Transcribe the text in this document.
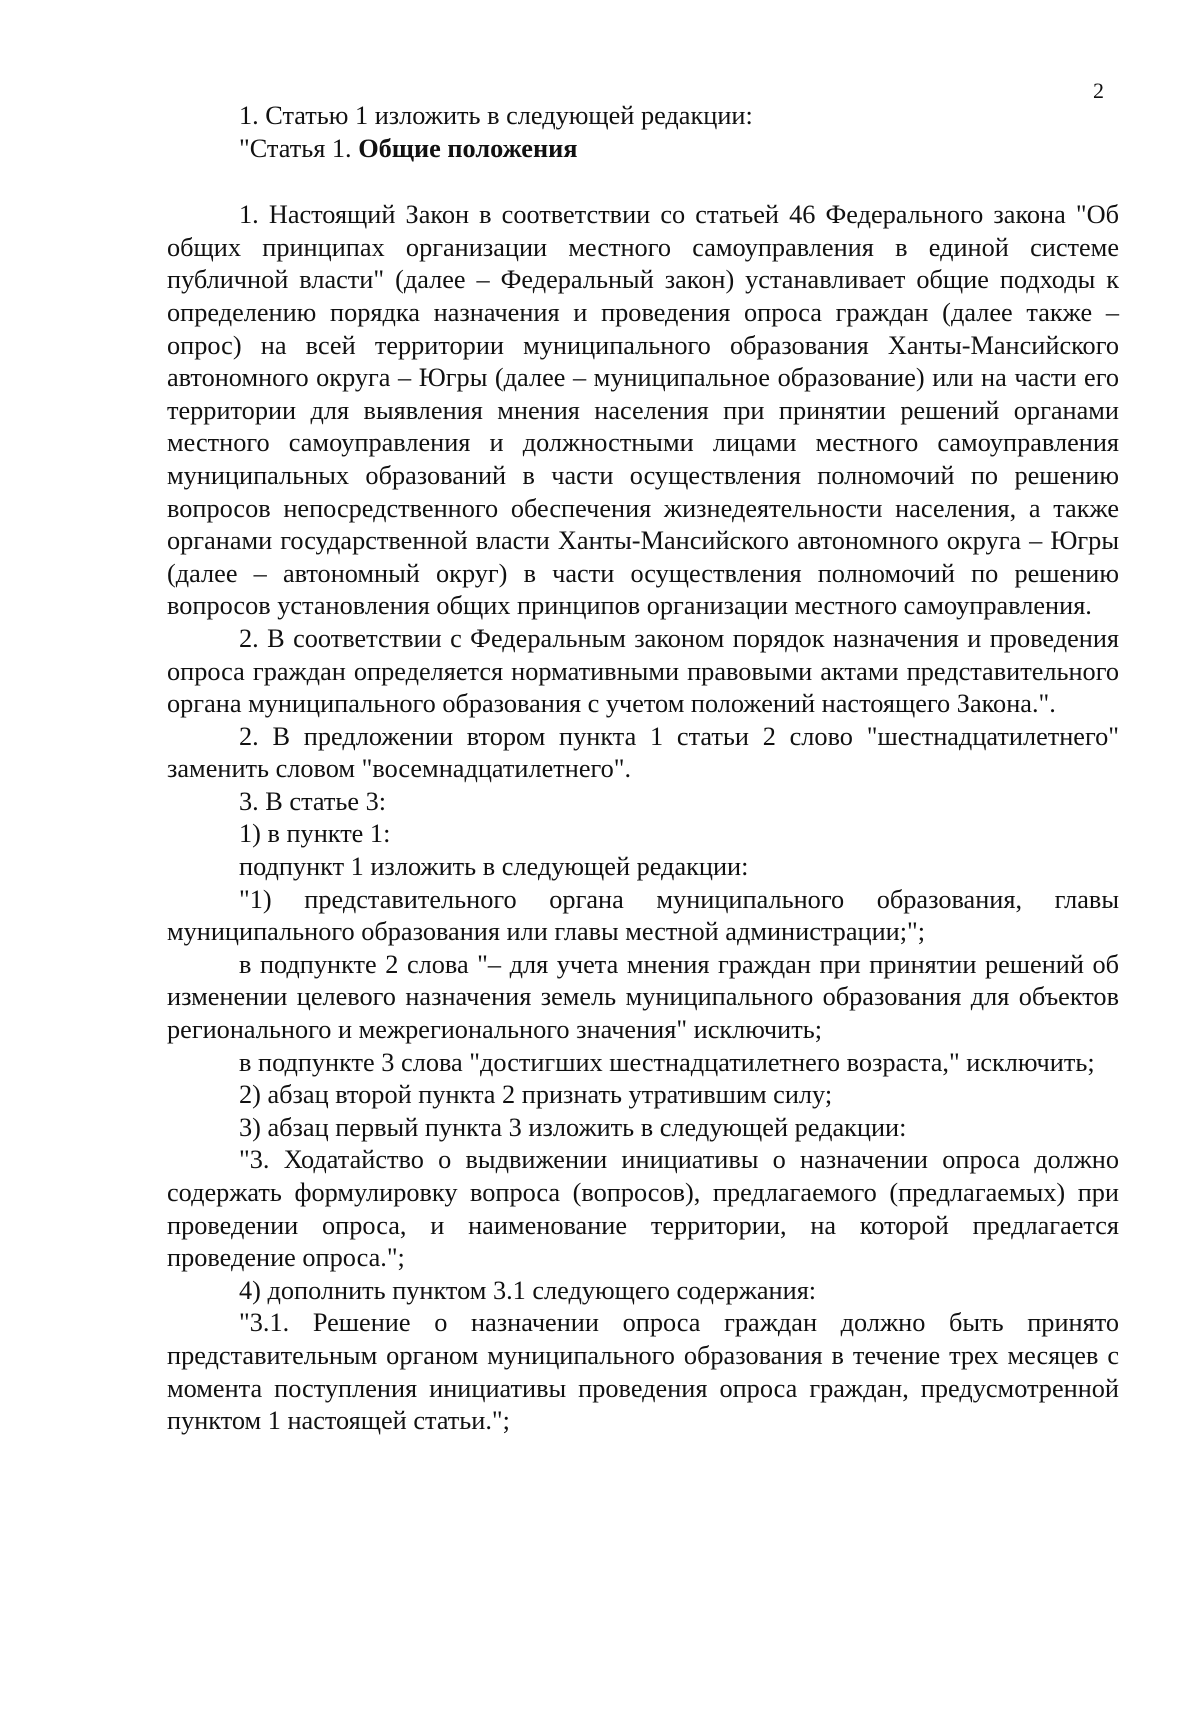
2

1. Статью 1 изложить в следующей редакции:

"Статья 1. Общие положения

1. Настоящий Закон в соответствии со статьей 46 Федерального закона "Об общих принципах организации местного самоуправления в единой системе публичной власти" (далее – Федеральный закон) устанавливает общие подходы к определению порядка назначения и проведения опроса граждан (далее также – опрос) на всей территории муниципального образования Ханты-Мансийского автономного округа – Югры (далее – муниципальное образование) или на части его территории для выявления мнения населения при принятии решений органами местного самоуправления и должностными лицами местного самоуправления муниципальных образований в части осуществления полномочий по решению вопросов непосредственного обеспечения жизнедеятельности населения, а также органами государственной власти Ханты-Мансийского автономного округа – Югры (далее – автономный округ) в части осуществления полномочий по решению вопросов установления общих принципов организации местного самоуправления.

2. В соответствии с Федеральным законом порядок назначения и проведения опроса граждан определяется нормативными правовыми актами представительного органа муниципального образования с учетом положений настоящего Закона.".

2. В предложении втором пункта 1 статьи 2 слово "шестнадцатилетнего" заменить словом "восемнадцатилетнего".

3. В статье 3:

1) в пункте 1:

подпункт 1 изложить в следующей редакции:

"1) представительного органа муниципального образования, главы муниципального образования или главы местной администрации;";

в подпункте 2 слова "– для учета мнения граждан при принятии решений об изменении целевого назначения земель муниципального образования для объектов регионального и межрегионального значения" исключить;

в подпункте 3 слова "достигших шестнадцатилетнего возраста," исключить;

2) абзац второй пункта 2 признать утратившим силу;

3) абзац первый пункта 3 изложить в следующей редакции:

"3. Ходатайство о выдвижении инициативы о назначении опроса должно содержать формулировку вопроса (вопросов), предлагаемого (предлагаемых) при проведении опроса, и наименование территории, на которой предлагается проведение опроса.";

4) дополнить пунктом 3.1 следующего содержания:

"3.1. Решение о назначении опроса граждан должно быть принято представительным органом муниципального образования в течение трех месяцев с момента поступления инициативы проведения опроса граждан, предусмотренной пунктом 1 настоящей статьи.";
